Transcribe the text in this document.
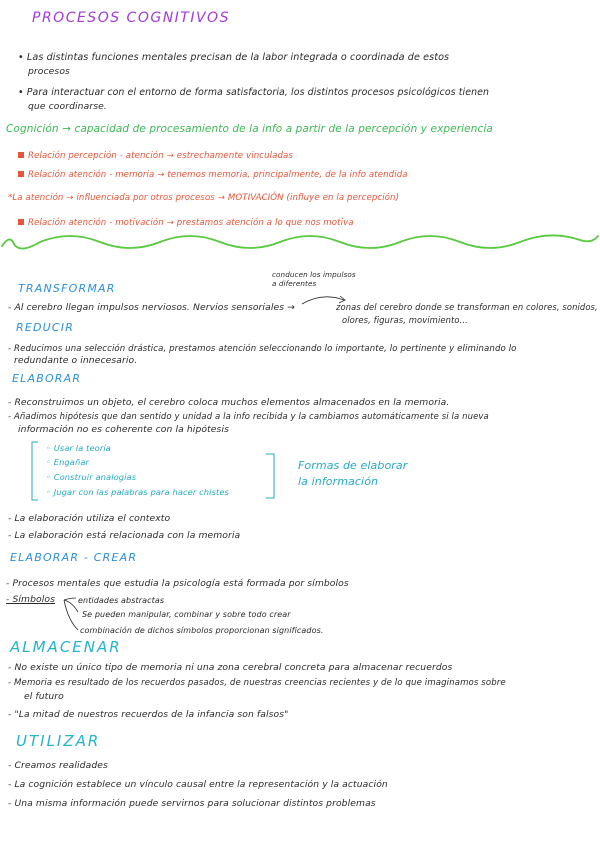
PROCESOS COGNITIVOS
• Las distintas funciones mentales precisan de la labor integrada o coordinada de estos
procesos
• Para interactuar con el entorno de forma satisfactoria, los distintos procesos psicológicos tienen
que coordinarse.
Cognición → capacidad de procesamiento de la info a partir de la percepción y experiencia
Relación percepción - atención → estrechamente vinculadas
Relación atención - memoria → tenemos memoria, principalmente, de la info atendida
*La atención → influenciada por otros procesos → MOTIVACIÓN (influye en la percepción)
Relación atención - motivación → prestamos atención a lo que nos motiva
conducen los impulsos
a diferentes
TRANSFORMAR
- Al cerebro llegan impulsos nerviosos. Nervios sensoriales →	zonas del cerebro donde se transforman en colores, sonidos,
olores, figuras, movimiento...
REDUCIR
- Reducimos una selección drástica, prestamos atención seleccionando lo importante, lo pertinente y eliminando lo
redundante o innecesario.
ELABORAR
- Reconstruimos un objeto, el cerebro coloca muchos elementos almacenados en la memoria.
- Añadimos hipótesis que dan sentido y unidad a la info recibida y la cambiamos automáticamente si la nueva
información no es coherente con la hipótesis
◦ Usar la teoría
◦ Engañar
◦ Construir analogías
◦ Jugar con las palabras para hacer chistes
Formas de elaborar
la información
- La elaboración utiliza el contexto
- La elaboración está relacionada con la memoria
ELABORAR - CREAR
- Procesos mentales que estudia la psicología está formada por símbolos
- Símbolos	entidades abstractas
Se pueden manipular, combinar y sobre todo crear
combinación de dichos símbolos proporcionan significados.
ALMACENAR
- No existe un único tipo de memoria ni una zona cerebral concreta para almacenar recuerdos
- Memoria es resultado de los recuerdos pasados, de nuestras creencias recientes y de lo que imaginamos sobre
el futuro
- "La mitad de nuestros recuerdos de la infancia son falsos"
UTILIZAR
- Creamos realidades
- La cognición establece un vínculo causal entre la representación y la actuación
- Una misma información puede servirnos para solucionar distintos problemas
